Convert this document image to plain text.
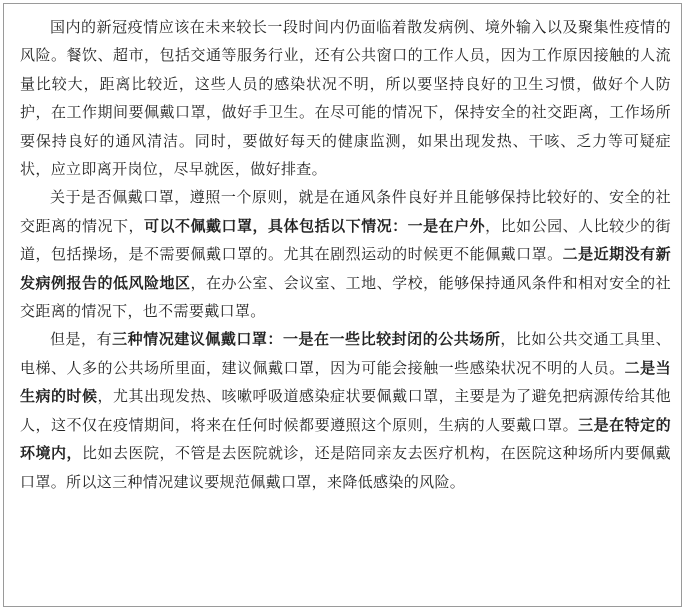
国内的新冠疫情应该在未来较长一段时间内仍面临着散发病例、境外输入以及聚集性疫情的风险。餐饮、超市，包括交通等服务行业，还有公共窗口的工作人员，因为工作原因接触的人流量比较大，距离比较近，这些人员的感染状况不明，所以要坚持良好的卫生习惯，做好个人防护，在工作期间要佩戴口罩，做好手卫生。在尽可能的情况下，保持安全的社交距离，工作场所要保持良好的通风清洁。同时，要做好每天的健康监测，如果出现发热、干咳、乏力等可疑症状，应立即离开岗位，尽早就医，做好排查。

关于是否佩戴口罩，遵照一个原则，就是在通风条件良好并且能够保持比较好的、安全的社交距离的情况下，可以不佩戴口罩，具体包括以下情况：一是在户外，比如公园、人比较少的街道，包括操场，是不需要佩戴口罩的。尤其在剧烈运动的时候更不能佩戴口罩。二是近期没有新发病例报告的低风险地区，在办公室、会议室、工地、学校，能够保持通风条件和相对安全的社交距离的情况下，也不需要戴口罩。

但是，有三种情况建议佩戴口罩：一是在一些比较封闭的公共场所，比如公共交通工具里、电梯、人多的公共场所里面，建议佩戴口罩，因为可能会接触一些感染状况不明的人员。二是当生病的时候，尤其出现发热、咳嗽呼吸道感染症状要佩戴口罩，主要是为了避免把病源传给其他人，这不仅在疫情期间，将来在任何时候都要遵照这个原则，生病的人要戴口罩。三是在特定的环境内，比如去医院，不管是去医院就诊，还是陪同亲友去医疗机构，在医院这种场所内要佩戴口罩。所以这三种情况建议要规范佩戴口罩，来降低感染的风险。
